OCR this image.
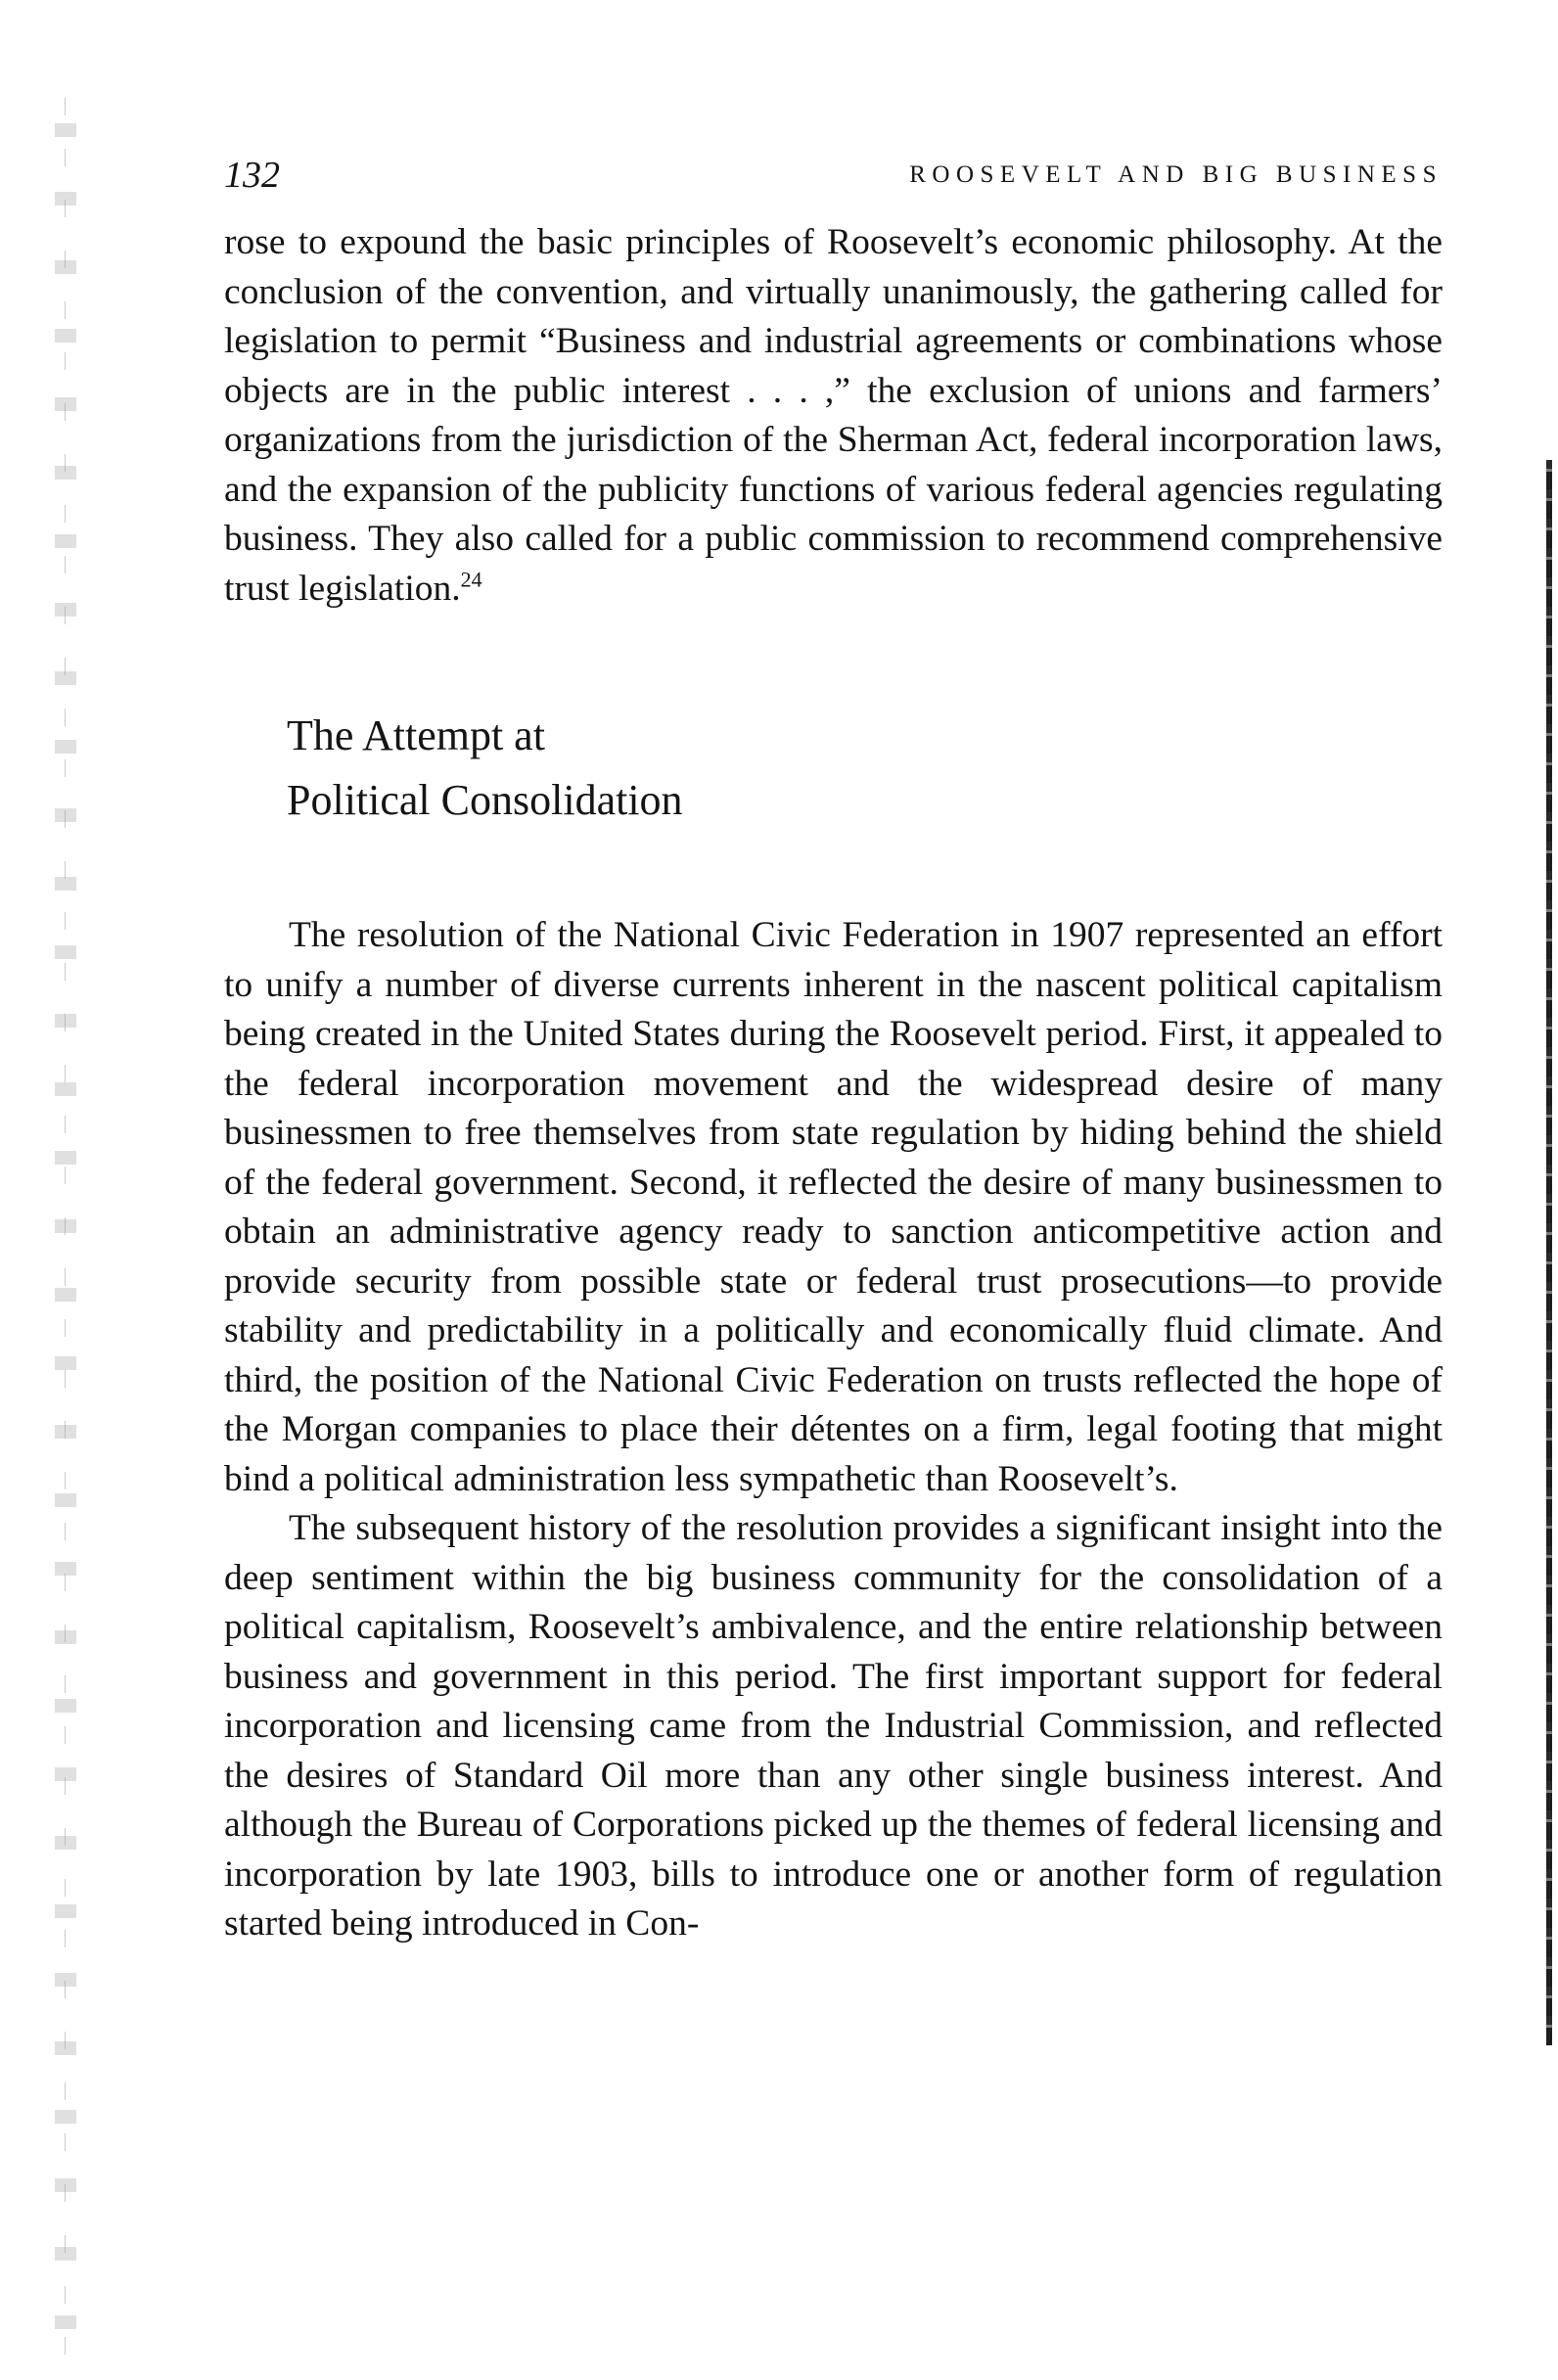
132	ROOSEVELT AND BIG BUSINESS

rose to expound the basic principles of Roosevelt’s economic philosophy. At the conclusion of the convention, and virtually unanimously, the gathering called for legislation to permit “Business and industrial agreements or combinations whose objects are in the public interest . . . ,” the exclusion of unions and farmers’ organizations from the jurisdiction of the Sherman Act, federal incorporation laws, and the expansion of the publicity functions of various federal agencies regulating business. They also called for a public commission to recommend comprehensive trust legislation.$^{24}$

The Attempt at
Political Consolidation

The resolution of the National Civic Federation in 1907 represented an effort to unify a number of diverse currents inherent in the nascent political capitalism being created in the United States during the Roosevelt period. First, it appealed to the federal incorporation movement and the widespread desire of many businessmen to free themselves from state regulation by hiding behind the shield of the federal government. Second, it reflected the desire of many businessmen to obtain an administrative agency ready to sanction anticompetitive action and provide security from possible state or federal trust prosecutions—to provide stability and predictability in a politically and economically fluid climate. And third, the position of the National Civic Federation on trusts reflected the hope of the Morgan companies to place their détentes on a firm, legal footing that might bind a political administration less sympathetic than Roosevelt’s.

The subsequent history of the resolution provides a significant insight into the deep sentiment within the big business community for the consolidation of a political capitalism, Roosevelt’s ambivalence, and the entire relationship between business and government in this period. The first important support for federal incorporation and licensing came from the Industrial Commission, and reflected the desires of Standard Oil more than any other single business interest. And although the Bureau of Corporations picked up the themes of federal licensing and incorporation by late 1903, bills to introduce one or another form of regulation started being introduced in Con-
